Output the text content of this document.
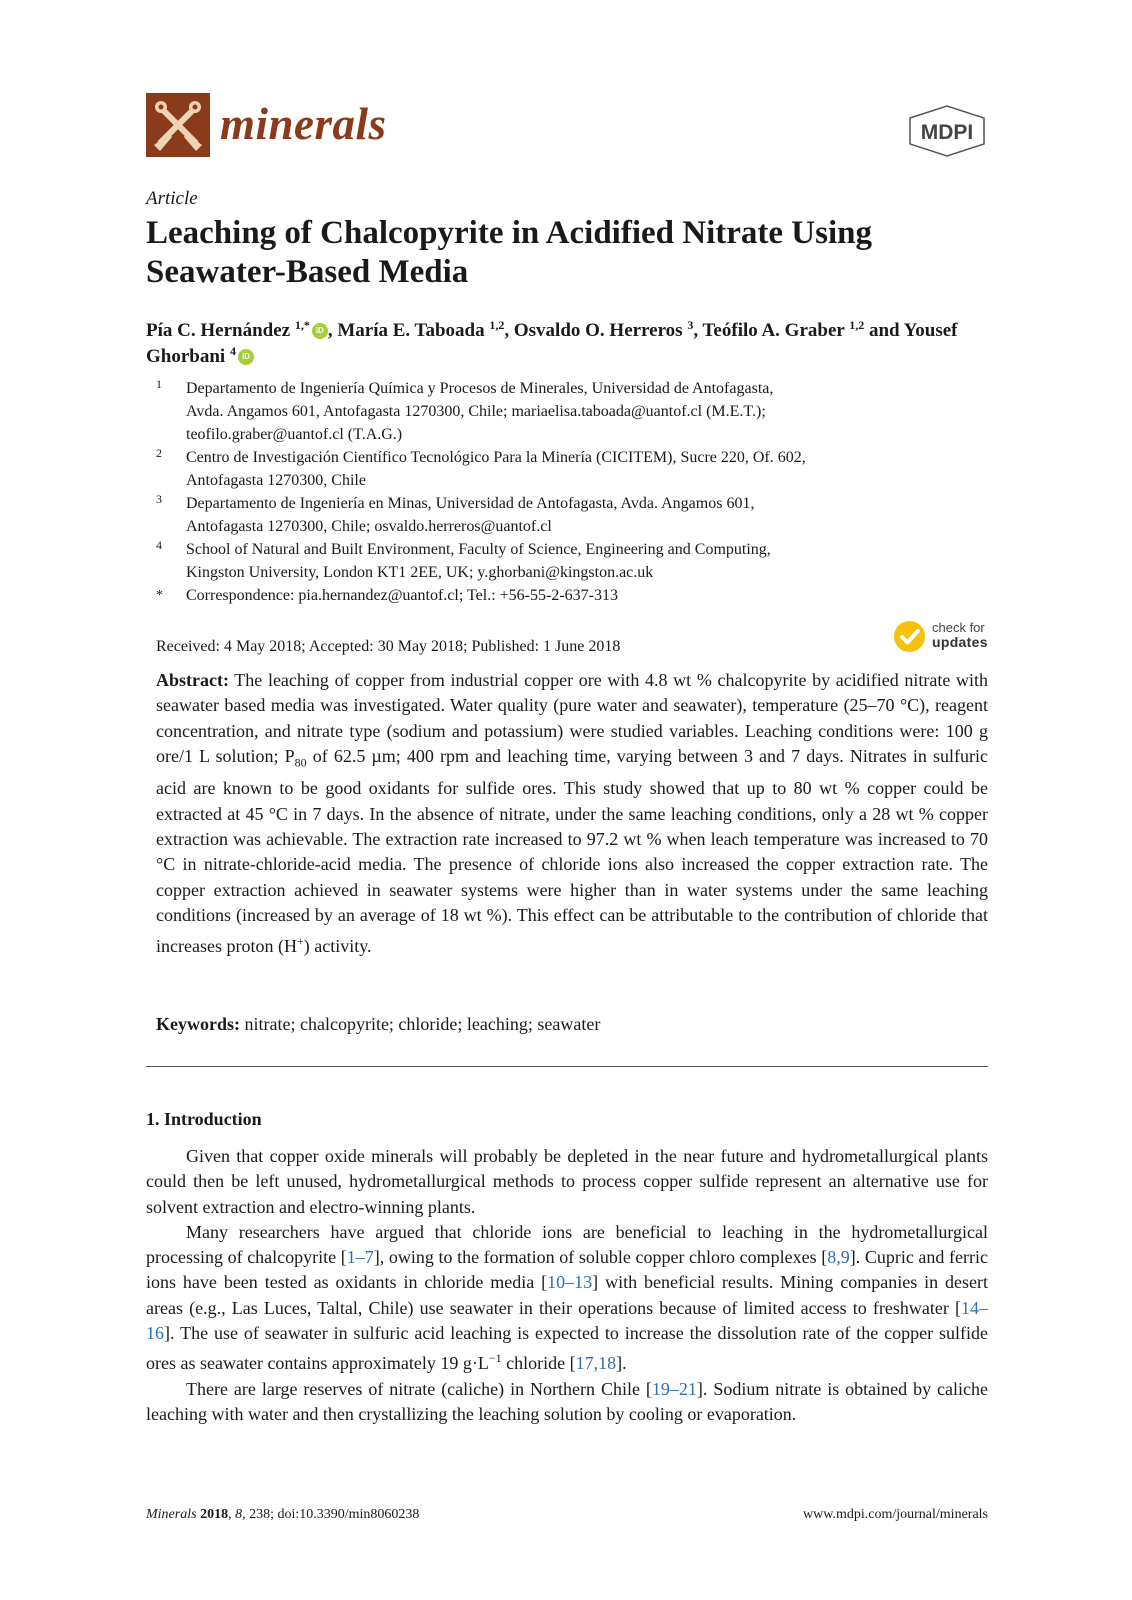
minerals	MDPI
Article
Leaching of Chalcopyrite in Acidified Nitrate Using Seawater-Based Media
Pía C. Hernández $^{1,*}$ iD , María E. Taboada $^{1,2}$, Osvaldo O. Herreros $^3$, Teófilo A. Graber $^{1,2}$ and Yousef Ghorbani $^4$ iD
1 Departamento de Ingeniería Química y Procesos de Minerales, Universidad de Antofagasta,
Avda. Angamos 601, Antofagasta 1270300, Chile; mariaelisa.taboada@uantof.cl (M.E.T.);
teofilo.graber@uantof.cl (T.A.G.)
2 Centro de Investigación Científico Tecnológico Para la Minería (CICITEM), Sucre 220, Of. 602,
Antofagasta 1270300, Chile
3 Departamento de Ingeniería en Minas, Universidad de Antofagasta, Avda. Angamos 601,
Antofagasta 1270300, Chile; osvaldo.herreros@uantof.cl
4 School of Natural and Built Environment, Faculty of Science, Engineering and Computing,
Kingston University, London KT1 2EE, UK; y.ghorbani@kingston.ac.uk
* Correspondence: pia.hernandez@uantof.cl; Tel.: +56-55-2-637-313
Received: 4 May 2018; Accepted: 30 May 2018; Published: 1 June 2018
check for
updates

Abstract: The leaching of copper from industrial copper ore with 4.8 wt % chalcopyrite by acidified nitrate with seawater based media was investigated. Water quality (pure water and seawater), temperature (25–70 °C), reagent concentration, and nitrate type (sodium and potassium) were studied variables. Leaching conditions were: 100 g ore/1 L solution; $P_{80}$ of 62.5 µm; 400 rpm and leaching time, varying between 3 and 7 days. Nitrates in sulfuric acid are known to be good oxidants for sulfide ores. This study showed that up to 80 wt % copper could be extracted at 45 °C in 7 days. In the absence of nitrate, under the same leaching conditions, only a 28 wt % copper extraction was achievable. The extraction rate increased to 97.2 wt % when leach temperature was increased to 70 °C in nitrate-chloride-acid media. The presence of chloride ions also increased the copper extraction rate. The copper extraction achieved in seawater systems were higher than in water systems under the same leaching conditions (increased by an average of 18 wt %). This effect can be attributable to the contribution of chloride that increases proton (H+) activity.

Keywords: nitrate; chalcopyrite; chloride; leaching; seawater
1. Introduction

Given that copper oxide minerals will probably be depleted in the near future and hydrometallurgical plants could then be left unused, hydrometallurgical methods to process copper sulfide represent an alternative use for solvent extraction and electro-winning plants.

Many researchers have argued that chloride ions are beneficial to leaching in the hydrometallurgical processing of chalcopyrite [1–7], owing to the formation of soluble copper chloro complexes [8,9]. Cupric and ferric ions have been tested as oxidants in chloride media [10–13] with beneficial results. Mining companies in desert areas (e.g., Las Luces, Taltal, Chile) use seawater in their operations because of limited access to freshwater [14–16]. The use of seawater in sulfuric acid leaching is expected to increase the dissolution rate of the copper sulfide ores as seawater contains approximately 19 $g\cdot L^{-1}$ chloride [17,18].

There are large reserves of nitrate (caliche) in Northern Chile [19–21]. Sodium nitrate is obtained by caliche leaching with water and then crystallizing the leaching solution by cooling or evaporation.

Minerals 2018, 8, 238; doi:10.3390/min8060238	www.mdpi.com/journal/minerals
